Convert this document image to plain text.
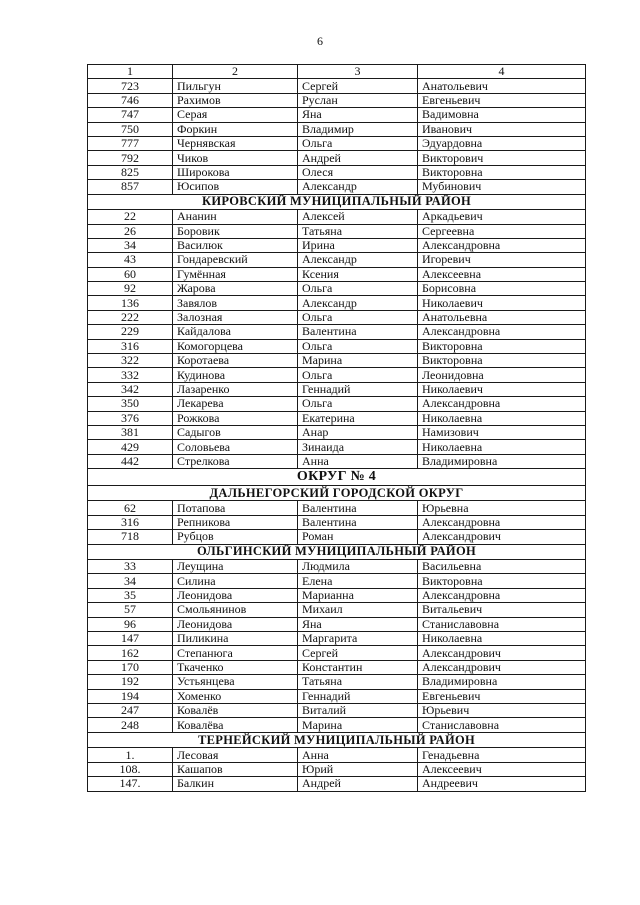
6
1	2	3	4
723	Пильгун	Сергей	Анатольевич
746	Рахимов	Руслан	Евгеньевич
747	Серая	Яна	Вадимовна
750	Форкин	Владимир	Иванович
777	Чернявская	Ольга	Эдуардовна
792	Чиков	Андрей	Викторович
825	Широкова	Олеся	Викторовна
857	Юсипов	Александр	Мубинович
КИРОВСКИЙ МУНИЦИПАЛЬНЫЙ РАЙОН			
22	Ананин	Алексей	Аркадьевич
26	Боровик	Татьяна	Сергеевна
34	Василюк	Ирина	Александровна
43	Гондаревский	Александр	Игоревич
60	Гумённая	Ксения	Алексеевна
92	Жарова	Ольга	Борисовна
136	Завялов	Александр	Николаевич
222	Залозная	Ольга	Анатольевна
229	Кайдалова	Валентина	Александровна
316	Комогорцева	Ольга	Викторовна
322	Коротаева	Марина	Викторовна
332	Кудинова	Ольга	Леонидовна
342	Лазаренко	Геннадий	Николаевич
350	Лекарева	Ольга	Александровна
376	Рожкова	Екатерина	Николаевна
381	Садыгов	Анар	Намизович
429	Соловьева	Зинаида	Николаевна
442	Стрелкова	Анна	Владимировна
ОКРУГ № 4			
ДАЛЬНЕГОРСКИЙ ГОРОДСКОЙ ОКРУГ			
62	Потапова	Валентина	Юрьевна
316	Репникова	Валентина	Александровна
718	Рубцов	Роман	Александрович
ОЛЬГИНСКИЙ МУНИЦИПАЛЬНЫЙ РАЙОН			
33	Леущина	Людмила	Васильевна
34	Силина	Елена	Викторовна
35	Леонидова	Марианна	Александровна
57	Смольянинов	Михаил	Витальевич
96	Леонидова	Яна	Станиславовна
147	Пиликина	Маргарита	Николаевна
162	Степанюга	Сергей	Александрович
170	Ткаченко	Константин	Александрович
192	Устьянцева	Татьяна	Владимировна
194	Хоменко	Геннадий	Евгеньевич
247	Ковалёв	Виталий	Юрьевич
248	Ковалёва	Марина	Станиславовна
ТЕРНЕЙСКИЙ МУНИЦИПАЛЬНЫЙ РАЙОН			
1.	Лесовая	Анна	Генадьевна
108.	Кашапов	Юрий	Алексеевич
147.	Балкин	Андрей	Андреевич
